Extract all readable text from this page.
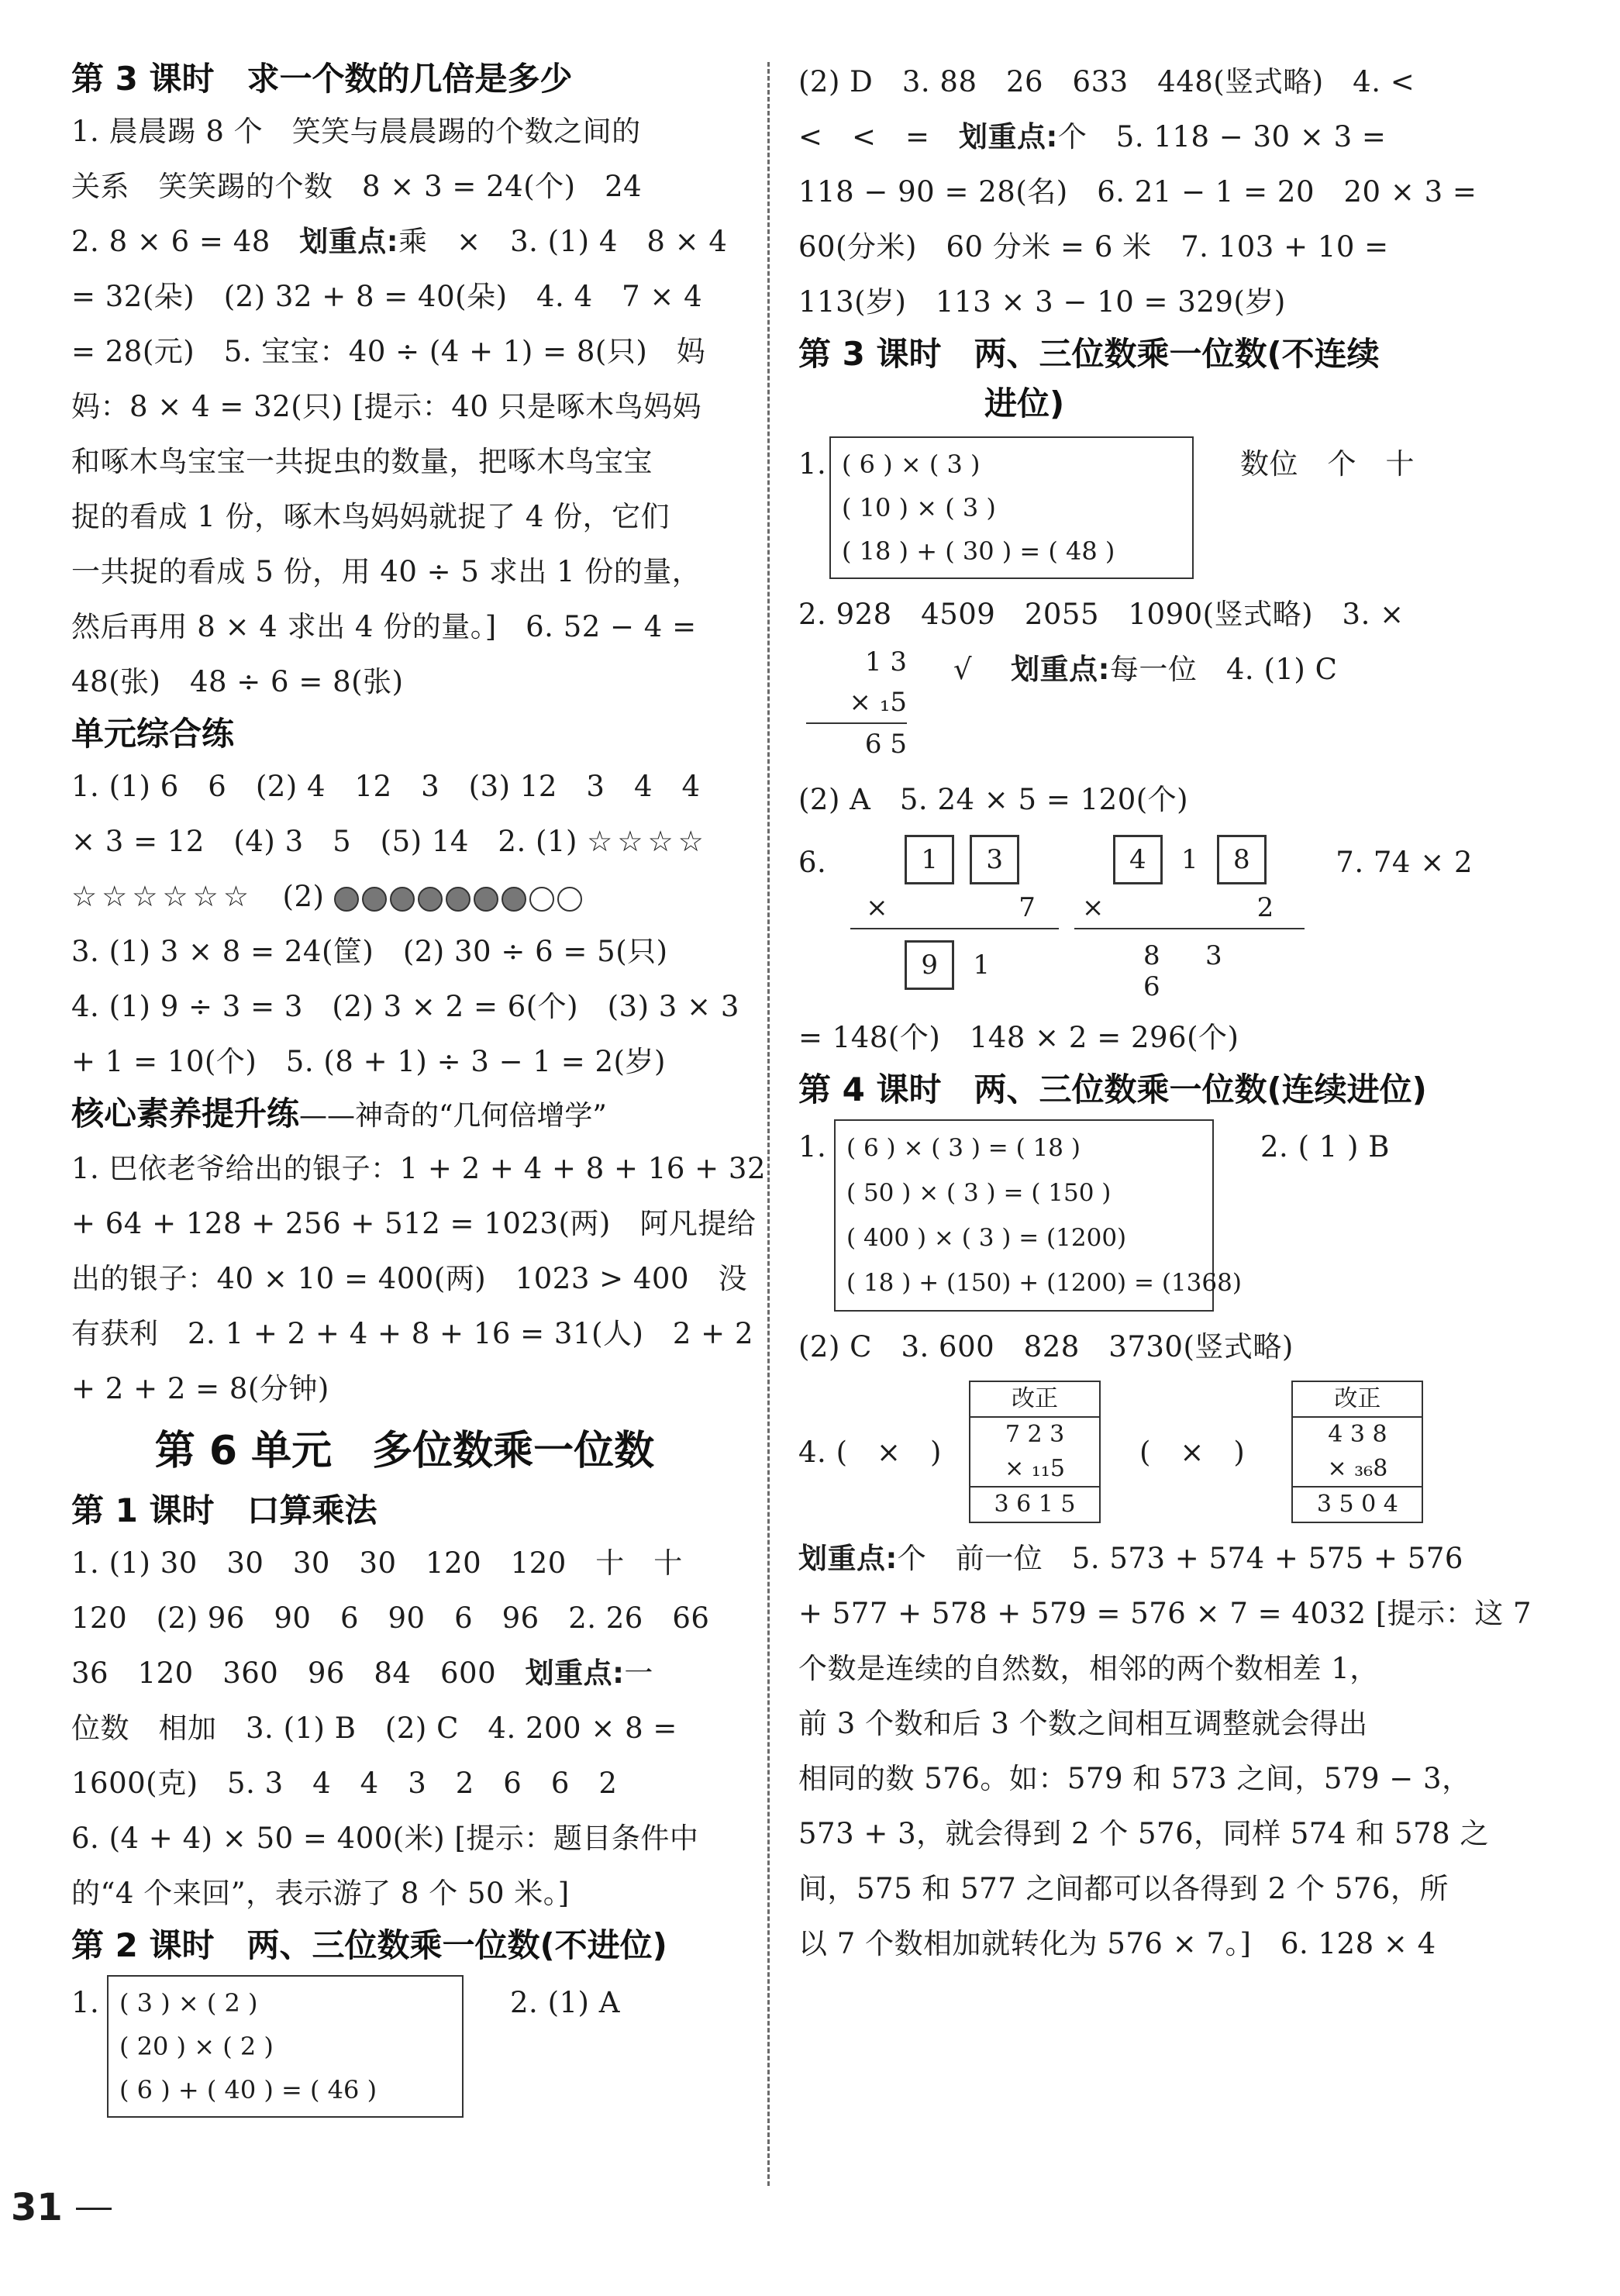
第 3 课时　求一个数的几倍是多少
1. 晨晨踢 8 个　笑笑与晨晨踢的个数之间的
关系　笑笑踢的个数　8 × 3 = 24(个)　24
2. 8 × 6 = 48　划重点:乘　×　3. (1) 4　8 × 4
= 32(朵)　(2) 32 + 8 = 40(朵)　4. 4　7 × 4
= 28(元)　5. 宝宝：40 ÷ (4 + 1) = 8(只)　妈
妈：8 × 4 = 32(只) [提示：40 只是啄木鸟妈妈
和啄木鸟宝宝一共捉虫的数量，把啄木鸟宝宝
捉的看成 1 份，啄木鸟妈妈就捉了 4 份，它们
一共捉的看成 5 份，用 40 ÷ 5 求出 1 份的量，
然后再用 8 × 4 求出 4 份的量。]　6. 52 − 4 =
48(张)　48 ÷ 6 = 8(张)
单元综合练
1. (1) 6　6　(2) 4　12　3　(3) 12　3　4　4
× 3 = 12　(4) 3　5　(5) 14　2. (1) ☆☆☆☆
☆☆☆☆☆☆　 (2)
3. (1) 3 × 8 = 24(筐)　(2) 30 ÷ 6 = 5(只)
4. (1) 9 ÷ 3 = 3　(2) 3 × 2 = 6(个)　(3) 3 × 3
+ 1 = 10(个)　5. (8 + 1) ÷ 3 − 1 = 2(岁)
核心素养提升练——神奇的“几何倍增学”
1. 巴依老爷给出的银子：1 + 2 + 4 + 8 + 16 + 32
+ 64 + 128 + 256 + 512 = 1023(两)　阿凡提给
出的银子：40 × 10 = 400(两)　1023 > 400　没
有获利　2. 1 + 2 + 4 + 8 + 16 = 31(人)　2 + 2
+ 2 + 2 = 8(分钟)
第 6 单元　多位数乘一位数
第 1 课时　口算乘法
1. (1) 30　30　30　30　120　120　十　十
120　(2) 96　90　6　90　6　96　2. 26　66
36　120　360　96　84　600　划重点:一
位数　相加　3. (1) B　(2) C　4. 200 × 8 =
1600(克)　5. 3　4　4　3　2　6　6　2
6. (4 + 4) × 50 = 400(米) [提示：题目条件中
的“4 个来回”，表示游了 8 个 50 米。]
第 2 课时　两、三位数乘一位数(不进位)
1. ( 3 ) × ( 2 )
( 20 ) × ( 2 )
( 6 ) + ( 40 ) = ( 46 )
2. (1) A
(2) D　3. 88　26　633　448(竖式略)　4. <
<　<　=　划重点:个　5. 118 − 30 × 3 =
118 − 90 = 28(名)　6. 21 − 1 = 20　20 × 3 =
60(分米)　60 分米 = 6 米　7. 103 + 10 =
113(岁)　113 × 3 − 10 = 329(岁)
第 3 课时　两、三位数乘一位数(不连续
进位)
1. ( 6 ) × ( 3 )
( 10 ) × ( 3 )
( 18 ) + ( 30 ) = ( 48 )
数位　个　十
2. 928　4509　2055　1090(竖式略)　3. ×
1 3
× ₁5
6 5
√ 划重点:每一位　4. (1) C
(2) A　5. 24 × 5 = 120(个)
6.	1 3
×	7
9 1
4 1 8
×	2
8 36
7. 74 × 2
= 148(个)　148 × 2 = 296(个)
第 4 课时　两、三位数乘一位数(连续进位)
1. ( 6 ) × ( 3 ) = ( 18 )
( 50 ) × ( 3 ) = ( 150 )
( 400 ) × ( 3 ) = (1200)
( 18 ) + (150) + (1200) = (1368)
2. ( 1 ) B
(2) C　3. 600　828　3730(竖式略)
4. (　×　)
改正
7 2 3
× ₁₁5
3 6 1 5
(　×　)
改正
4 3 8
× ₃₆8
3 5 0 4
划重点:个　前一位　5. 573 + 574 + 575 + 576
+ 577 + 578 + 579 = 576 × 7 = 4032 [提示：这 7
个数是连续的自然数，相邻的两个数相差 1，
前 3 个数和后 3 个数之间相互调整就会得出
相同的数 576。如：579 和 573 之间，579 − 3，
573 + 3，就会得到 2 个 576，同样 574 和 578 之
间，575 和 577 之间都可以各得到 2 个 576，所
以 7 个数相加就转化为 576 × 7。]　6. 128 × 4
31
